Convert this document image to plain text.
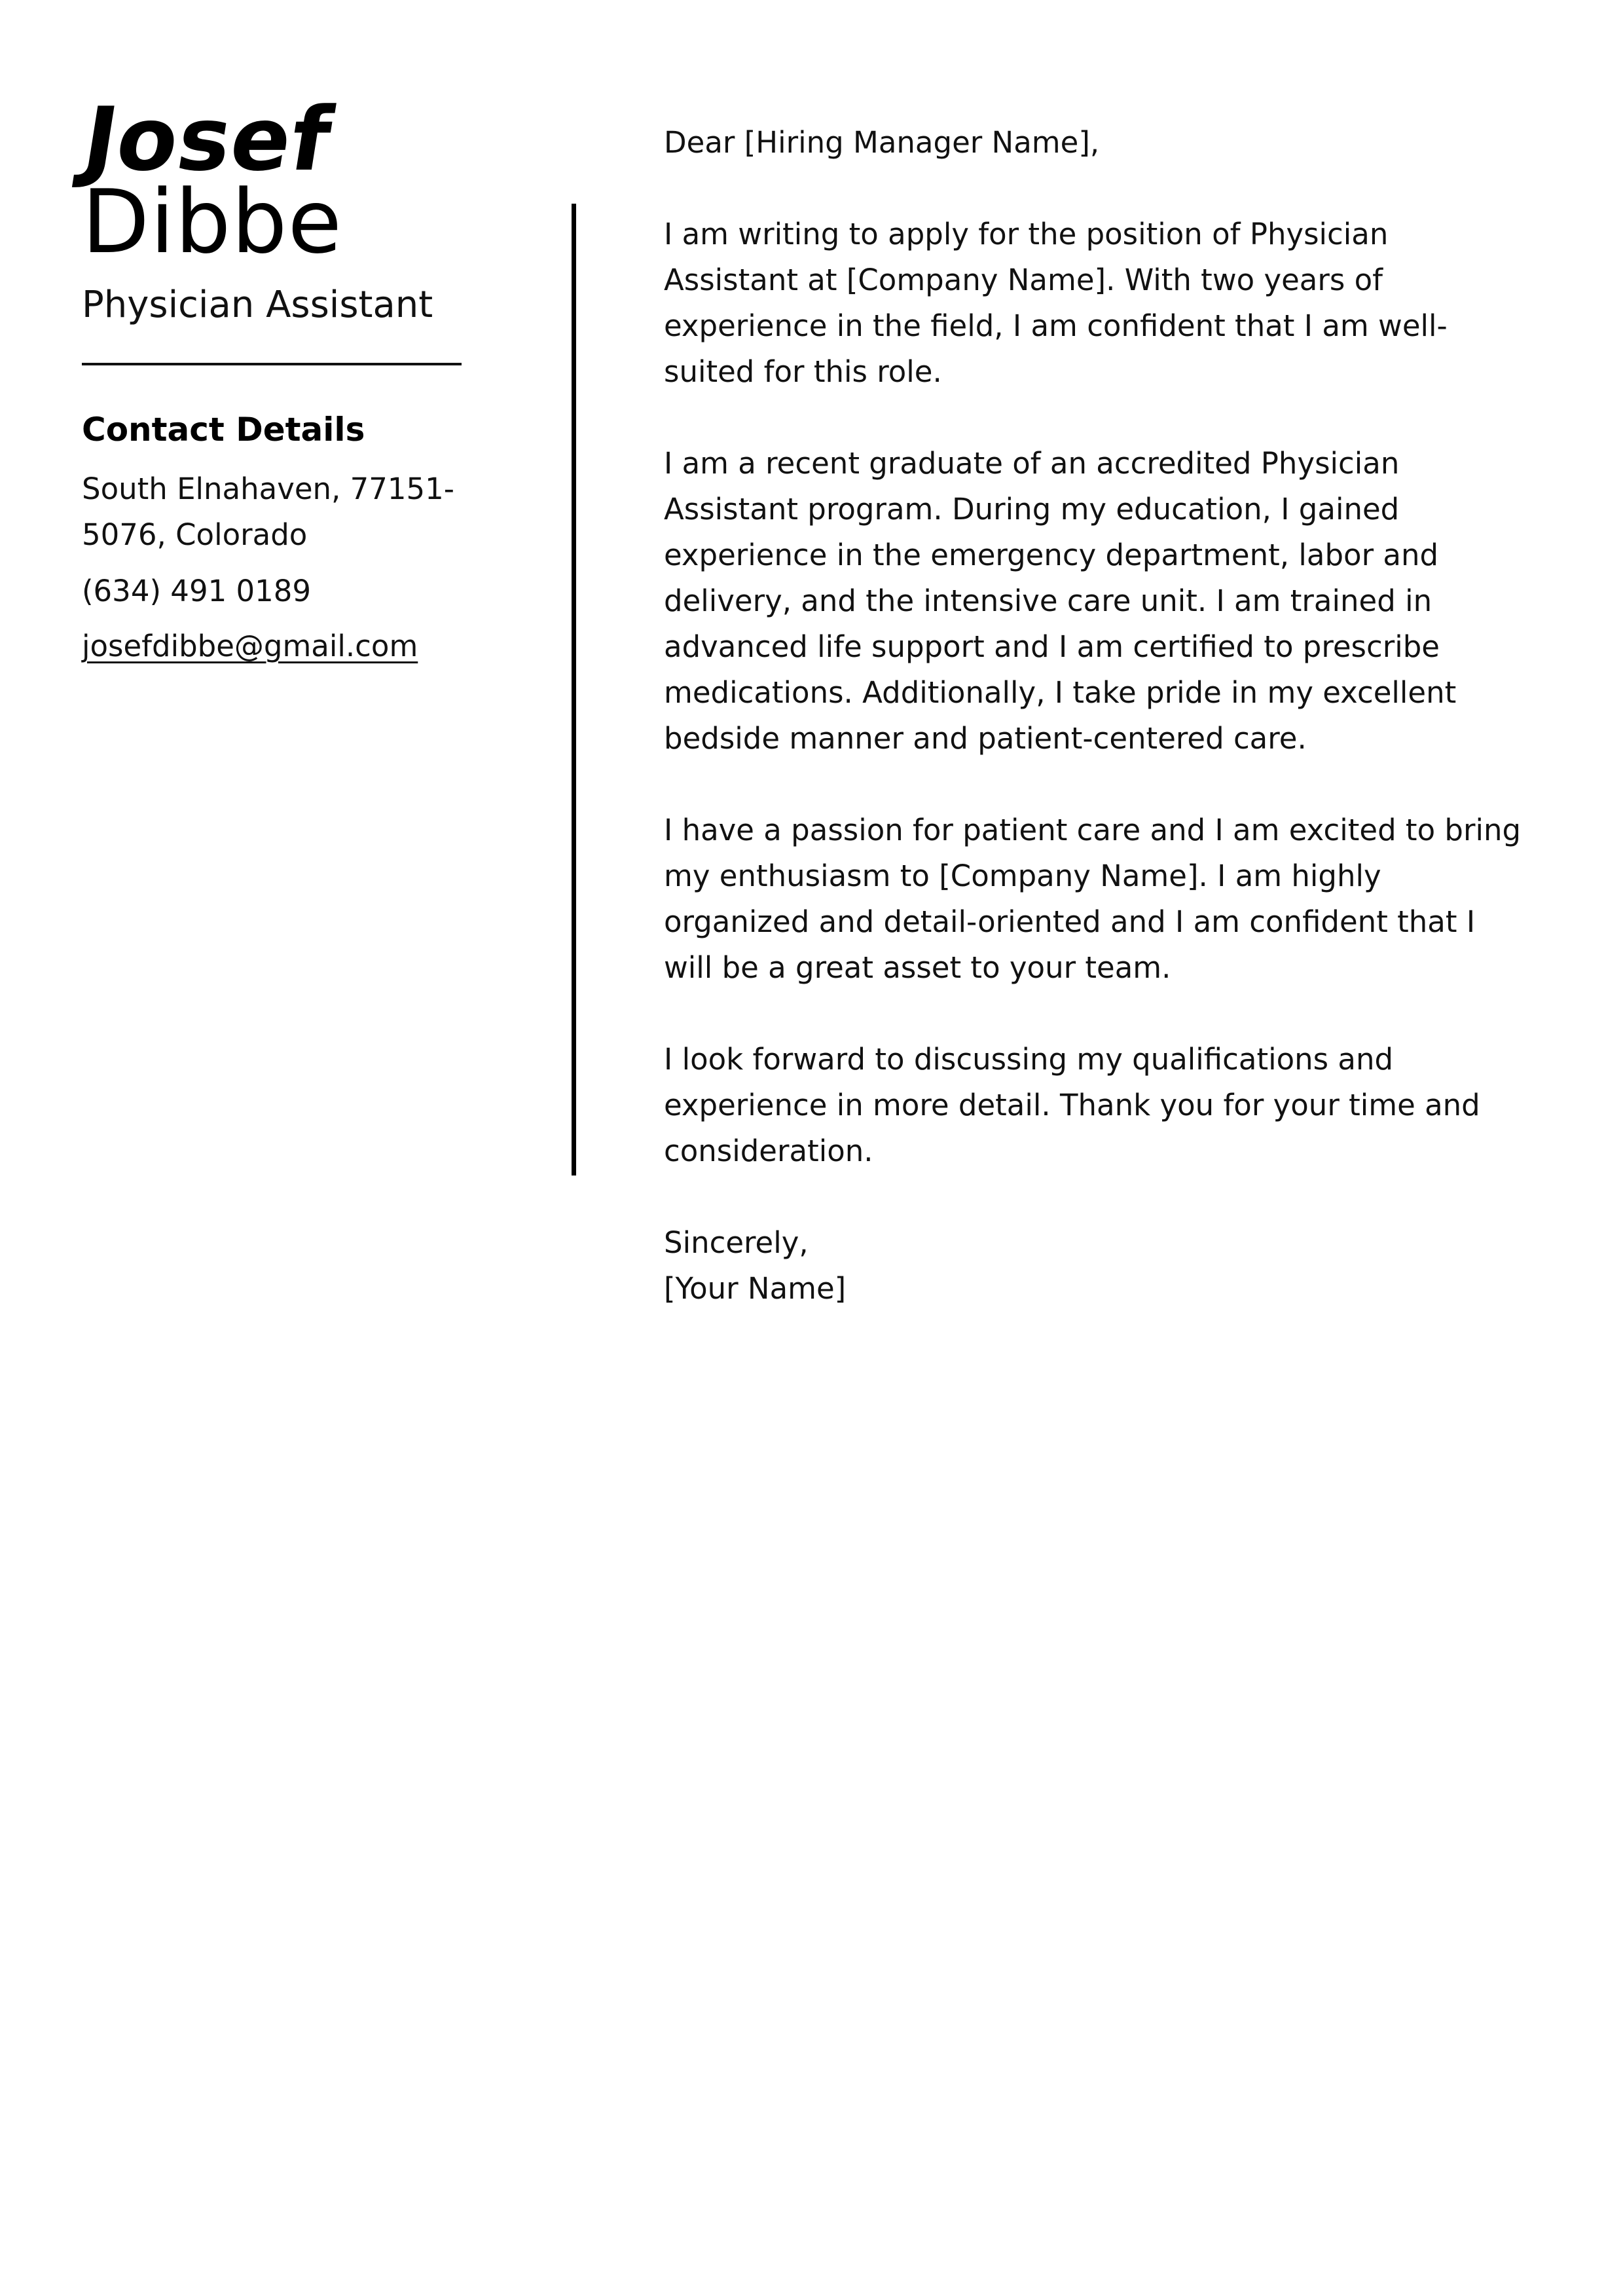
Josef
Dibbe
Physician Assistant
Contact Details
South Elnahaven, 77151-5076, Colorado
(634) 491 0189
josefdibbe@gmail.com

Dear [Hiring Manager Name],

I am writing to apply for the position of Physician Assistant at [Company Name]. With two years of experience in the field, I am confident that I am well-suited for this role.

I am a recent graduate of an accredited Physician Assistant program. During my education, I gained experience in the emergency department, labor and delivery, and the intensive care unit. I am trained in advanced life support and I am certified to prescribe medications. Additionally, I take pride in my excellent bedside manner and patient-centered care.

I have a passion for patient care and I am excited to bring my enthusiasm to [Company Name]. I am highly organized and detail-oriented and I am confident that I will be a great asset to your team.

I look forward to discussing my qualifications and experience in more detail. Thank you for your time and consideration.

Sincerely,

[Your Name]
